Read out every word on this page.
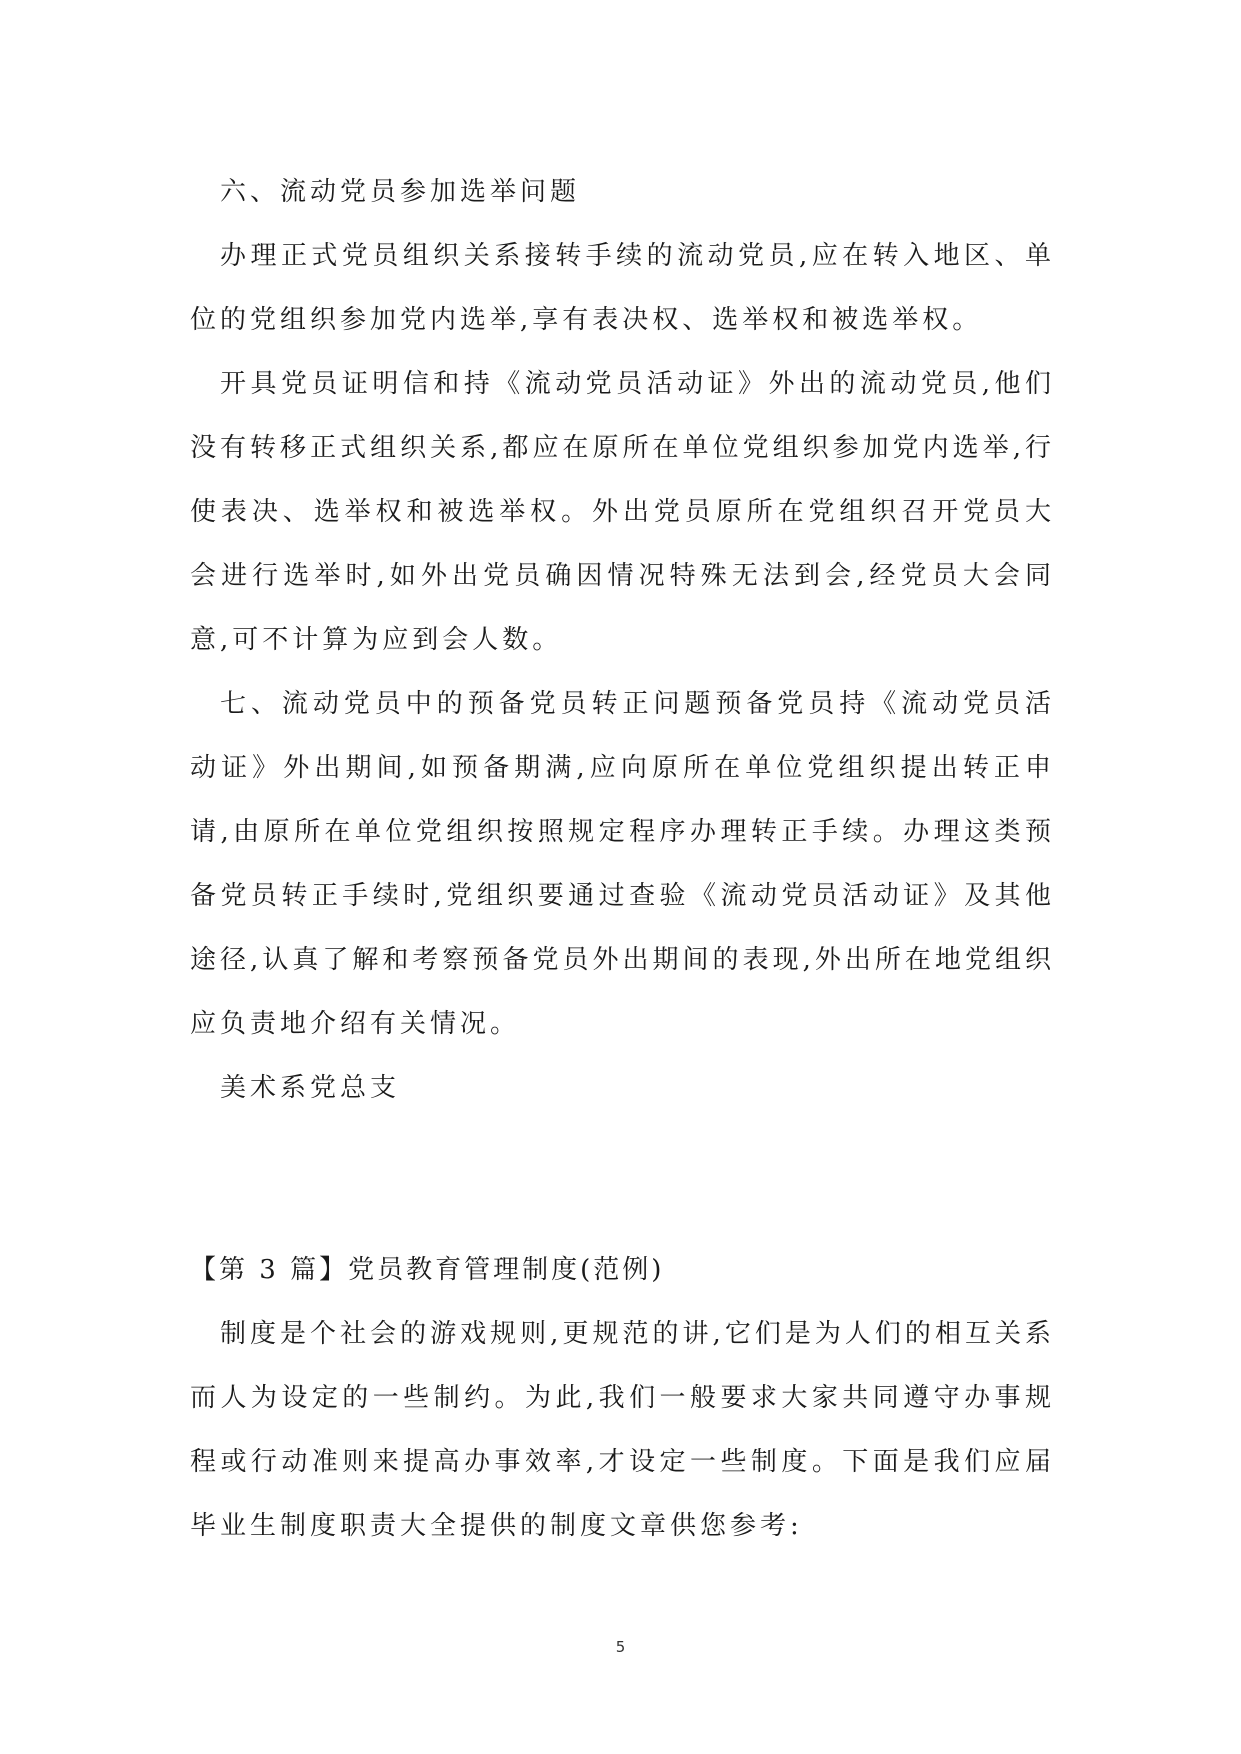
六、流动党员参加选举问题

办理正式党员组织关系接转手续的流动党员,应在转入地区、单位的党组织参加党内选举,享有表决权、选举权和被选举权。

开具党员证明信和持《流动党员活动证》外出的流动党员,他们没有转移正式组织关系,都应在原所在单位党组织参加党内选举,行使表决、选举权和被选举权。外出党员原所在党组织召开党员大会进行选举时,如外出党员确因情况特殊无法到会,经党员大会同意,可不计算为应到会人数。

七、流动党员中的预备党员转正问题预备党员持《流动党员活动证》外出期间,如预备期满,应向原所在单位党组织提出转正申请,由原所在单位党组织按照规定程序办理转正手续。办理这类预备党员转正手续时,党组织要通过查验《流动党员活动证》及其他途径,认真了解和考察预备党员外出期间的表现,外出所在地党组织应负责地介绍有关情况。

美术系党总支

【第 3 篇】党员教育管理制度(范例)

制度是个社会的游戏规则,更规范的讲,它们是为人们的相互关系而人为设定的一些制约。为此,我们一般要求大家共同遵守办事规程或行动准则来提高办事效率,才设定一些制度。下面是我们应届毕业生制度职责大全提供的制度文章供您参考:

5
